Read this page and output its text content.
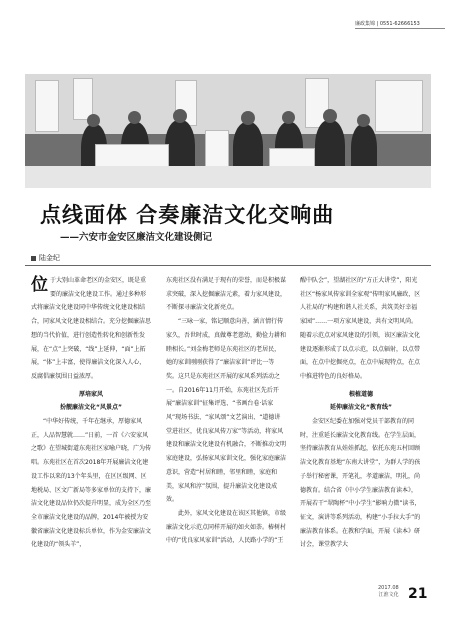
廉政集锦 | 0551-62666153
点线面体 合奏廉洁文化交响曲
——六安市金安区廉洁文化建设侧记
陆金纪

位于大别山革命老区的金安区，既是重要的廉洁文化建设工作。通过多种形式将廉洁文化建设同中华传统文化建设相结合，同家风文化建设相结合。充分挖掘廉洁思想的当代价值，进行创造性转化和创新性发展，在“点”上突破，“线”上延伸，“面”上拓展，“体”上丰富，使得廉洁文化深入人心，反腐倡廉氛围日益浓厚。

厚培家风
扮靓廉洁文化“风景点”

“中华好传统，千年在继承，厚德家风正，人品智慧就……”日前，一首《六安家风之歌》在望城街道东苑社区家喻户晓，广为传唱。东苑社区在首次2018年开展廉洁文化建设工作以来的13个年头里，在区区级网、区地税局、区文广新局等多家单位的支持下，廉洁文化建设品位仍次提升明显，成为全区乃至全市廉洁文化建设的品牌，2014年被授为安徽省廉洁文化建设标兵单位，作为金安廉洁文化建设的“领头羊”，

东苑社区没有满足于现有的荣誉，而是积极谋求突破，深入挖掘廉洁元素，着力家风建设，不断探寻廉洁文化新亮点。

“三咏一家，铭记顺意向善，涵言情行传家久，吾世时成，真做尊老慈幼，勤俭力耕和睦相长。”刘金梅老师是东苑社区的老居民，她的家训刚刚获得了“廉洁家训”评比一等奖。这只是东苑社区开展的家风系列活动之一。自2016年11月开始，东苑社区先后开展“廉洁家训”征集评选、“书画台卷·话家风”现场书法、“家风颂”文艺演出、“道德讲堂进社区，优良家风传万家”等活动，将家风建设和廉洁文化建设有机融合，不断推动文明家庭建设，弘扬家风家训文化，强化家庭廉洁意识，营造“村居和睦，邻里和睦，家庭和美，家风和淳”氛围，提升廉洁文化建设成效。

此外，家风文化建设在该区其他镇，市级廉洁文化示范点同样开展的如火如荼。椿树村中的“优良家风家训”活动，人民路小学的“王

醒中队会”，望湖社区的“方正大讲堂”，阳光社区“杨家风传家训全家观”传明家风廉政，区人社局的“构建和谐人社关系，共筑美好幸福家园”……一项方家风建设，共有文明风尚。随着示范点对家风建设的引领，该区廉洁文化建设逐渐形成了以点示范，以点辐射，以点带面，在点中挖掘亮点，在点中展现特点，在点中推进特色的良好格局。

根植道德
延伸廉洁文化“教育线”

金安区纪委在加强对党员干部教育的同时，注重延长廉洁文化教育线。在学生层面，坚持廉洁教育从娃娃抓起，依托东苑五村回顾洁文化教育基地“东南大讲堂”，为群人学的孩子举行秘密课，开笔礼，孝道廉洁，明礼，尚德教育。结合省《中小学生廉洁教育读本》，开展若干“翠陶杯”中小学生“影响力微”读书，征文，演讲等系列活动，构建“小手拉大手”的廉洁教育体系。在教和学面，开展《读本》研讨会，课堂教学大

2017.08
江淮文化 21
